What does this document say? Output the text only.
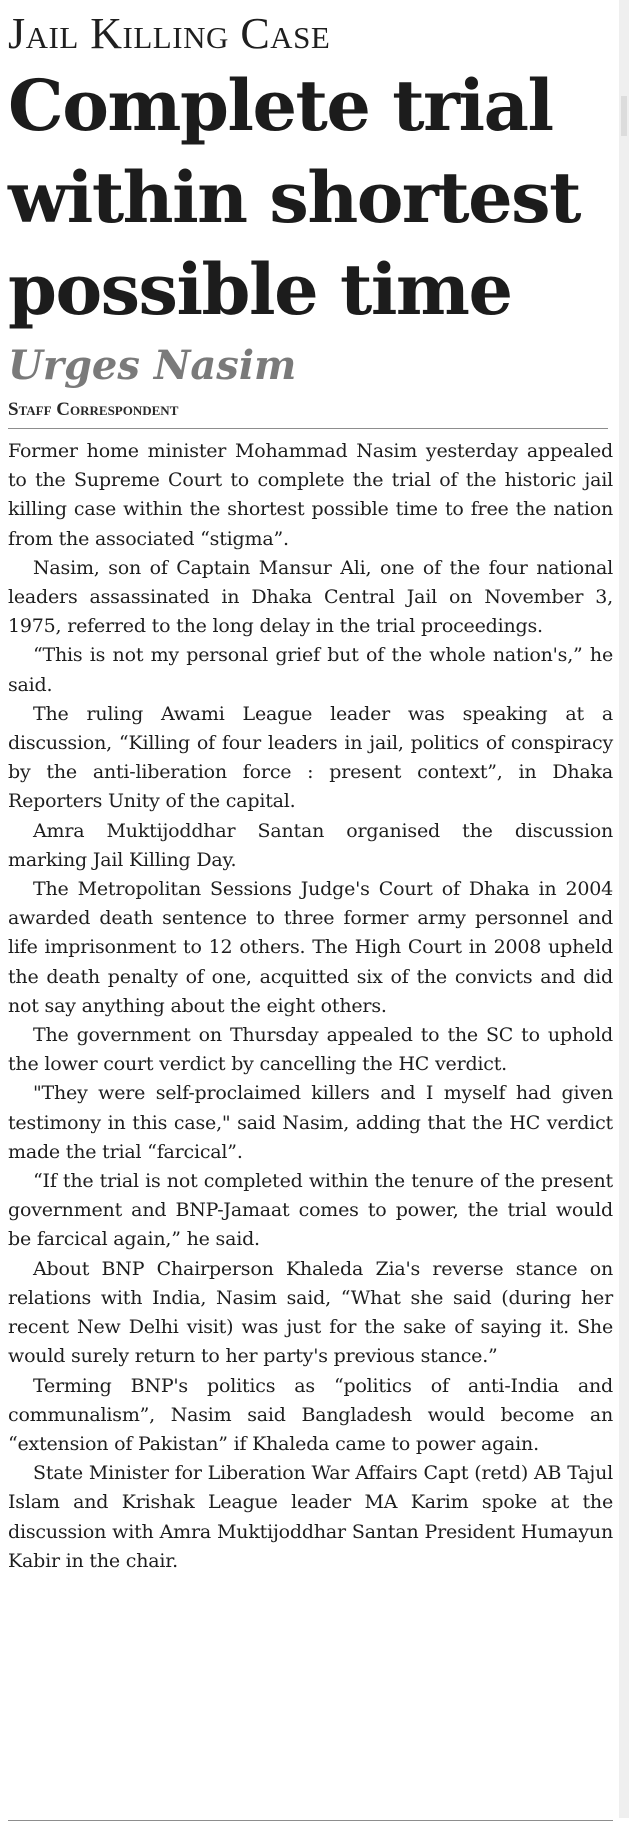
Jail Killing Case
Complete trial within shortest possible time
Urges Nasim
Staff Correspondent

Former home minister Mohammad Nasim yesterday appealed to the Supreme Court to complete the trial of the historic jail killing case within the shortest possible time to free the nation from the associated “stigma”.

Nasim, son of Captain Mansur Ali, one of the four national leaders assassinated in Dhaka Central Jail on November 3, 1975, referred to the long delay in the trial proceedings.

“This is not my personal grief but of the whole nation's,” he said.

The ruling Awami League leader was speaking at a discussion, “Killing of four leaders in jail, politics of conspiracy by the anti-liberation force : present context”, in Dhaka Reporters Unity of the capital.

Amra Muktijoddhar Santan organised the discussion marking Jail Killing Day.

The Metropolitan Sessions Judge's Court of Dhaka in 2004 awarded death sentence to three former army personnel and life imprisonment to 12 others. The High Court in 2008 upheld the death penalty of one, acquitted six of the convicts and did not say anything about the eight others.

The government on Thursday appealed to the SC to uphold the lower court verdict by cancelling the HC verdict.

"They were self-proclaimed killers and I myself had given testimony in this case," said Nasim, adding that the HC verdict made the trial “farcical”.

“If the trial is not completed within the tenure of the present government and BNP-Jamaat comes to power, the trial would be farcical again,” he said.

About BNP Chairperson Khaleda Zia's reverse stance on relations with India, Nasim said, “What she said (during her recent New Delhi visit) was just for the sake of saying it. She would surely return to her party's previous stance.”

Terming BNP's politics as “politics of anti-India and communalism”, Nasim said Bangladesh would become an “extension of Pakistan” if Khaleda came to power again.

State Minister for Liberation War Affairs Capt (retd) AB Tajul Islam and Krishak League leader MA Karim spoke at the discussion with Amra Muktijoddhar Santan President Humayun Kabir in the chair.
